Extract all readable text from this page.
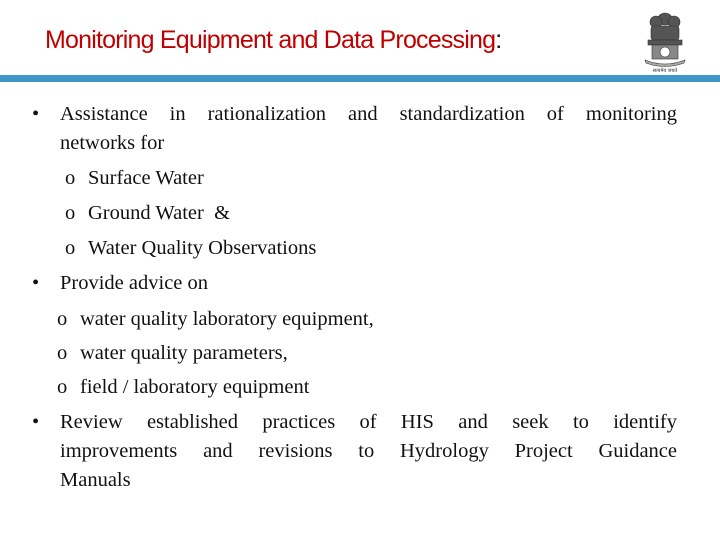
Monitoring Equipment and Data Processing:
सत्यमेव जयते
• Assistance in rationalization and standardization of monitoring
networks for
o Surface Water
o Ground Water  &
o Water Quality Observations
• Provide advice on
o water quality laboratory equipment,
o water quality parameters,
o field / laboratory equipment
• Review  established  practices  of  HIS  and  seek  to  identify
improvements  and  revisions  to  Hydrology  Project  Guidance
Manuals
